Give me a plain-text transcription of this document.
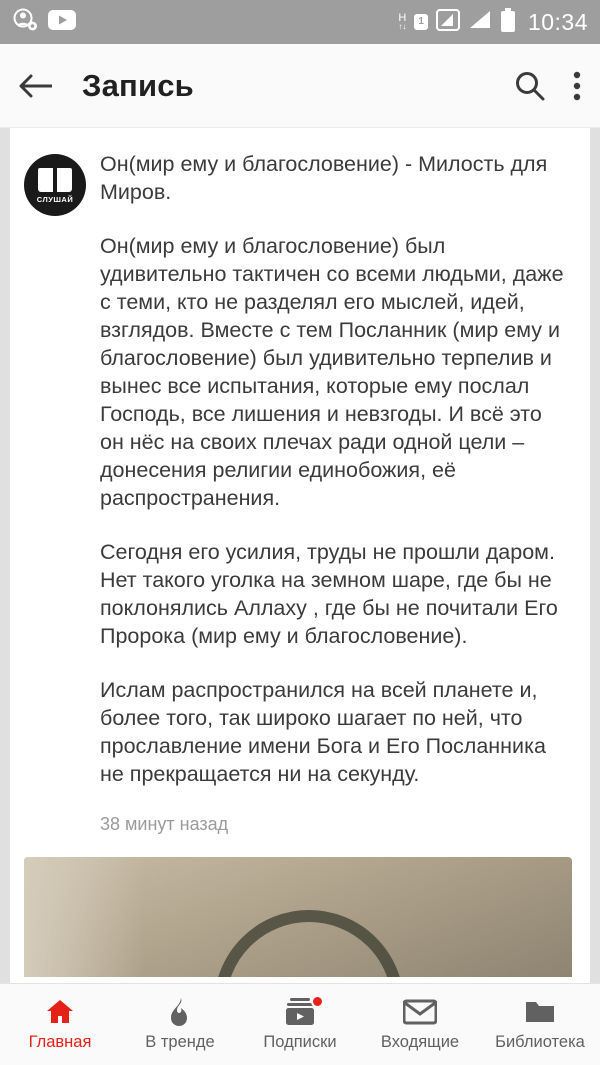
H
↑↓	1	10:34
Запись
СЛУШАЙ

Он(мир ему и благословение) - Милость для Миров.

Он(мир ему и благословение) был удивительно тактичен со всеми людьми, даже с теми, кто не разделял его мыслей, идей, взглядов. Вместе с тем Посланник (мир ему и благословение) был удивительно терпелив и вынес все испытания, которые ему послал Господь, все лишения и невзгоды. И всё это он нёс на своих плечах ради одной цели – донесения религии единобожия, её распространения.

Сегодня его усилия, труды не прошли даром. Нет такого уголка на земном шаре, где бы не поклонялись Аллаху , где бы не почитали Его Пророка (мир ему и благословение).

Ислам распространился на всей планете и, более того, так широко шагает по ней, что прославление имени Бога и Его Посланника не прекращается ни на секунду.

38 минут назад
Главная	В тренде	Подписки	Входящие Библиотека
